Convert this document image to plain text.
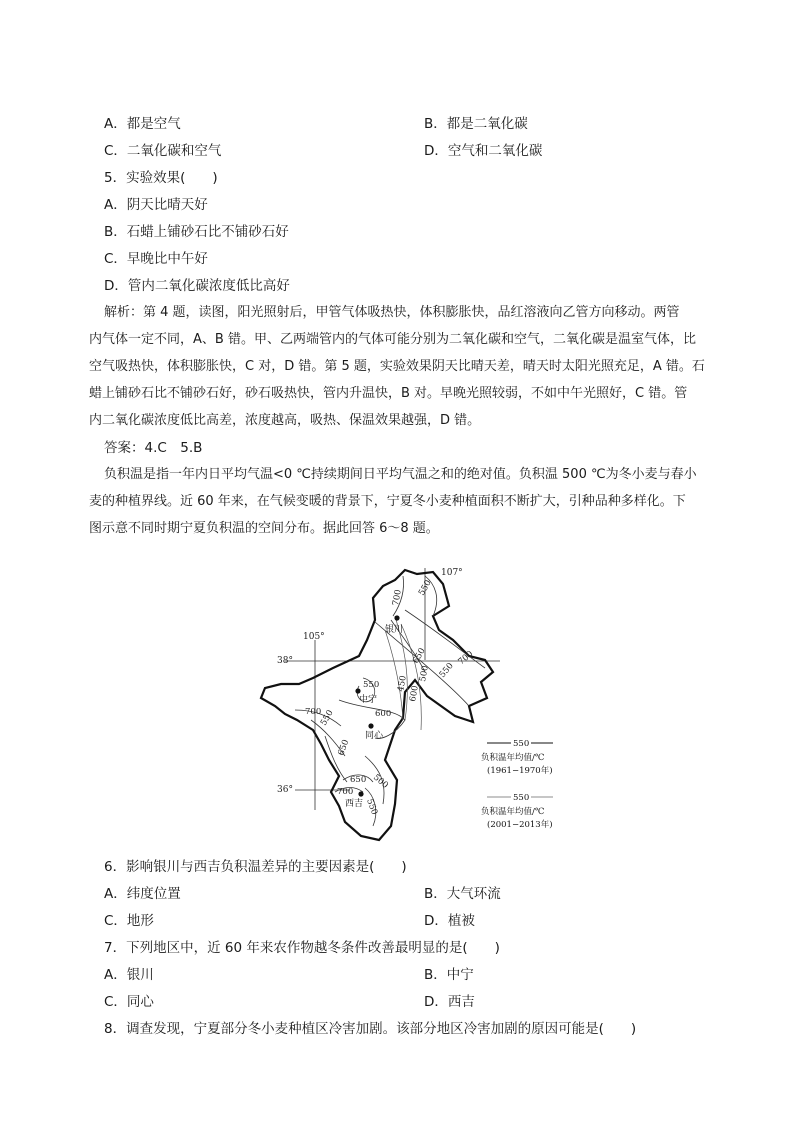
A．都是空气	B．都是二氧化碳
C．二氧化碳和空气	D．空气和二氧化碳
5．实验效果(　　)
A．阴天比晴天好
B．石蜡上铺砂石比不铺砂石好
C．早晚比中午好
D．管内二氧化碳浓度低比高好
解析：第 4 题，读图，阳光照射后，甲管气体吸热快，体积膨胀快，品红溶液向乙管方向移动。两管
内气体一定不同，A、B 错。甲、乙两端管内的气体可能分别为二氧化碳和空气，二氧化碳是温室气体，比
空气吸热快，体积膨胀快，C 对，D 错。第 5 题，实验效果阴天比晴天差，晴天时太阳光照充足，A 错。石
蜡上铺砂石比不铺砂石好，砂石吸热快，管内升温快，B 对。早晚光照较弱，不如中午光照好，C 错。管
内二氧化碳浓度低比高差，浓度越高，吸热、保温效果越强，D 错。
答案：4.C　5.B
负积温是指一年内日平均气温<0 ℃持续期间日平均气温之和的绝对值。负积温 500 ℃为冬小麦与春小
麦的种植界线。近 60 年来，在气候变暖的背景下，宁夏冬小麦种植面积不断扩大，引种品种多样化。下
图示意不同时期宁夏负积温的空间分布。据此回答 6～8 题。
107°
105°
38°
36°
700
550
650
550
700
450
500
600
550
600
700
550
650
650 500
700
550
银川
中宁
同心
西吉
550
负积温年均值/℃
(1961−1970年)
550
负积温年均值/℃
(2001−2013年)
6．影响银川与西吉负积温差异的主要因素是(　　)
A．纬度位置	B．大气环流
C．地形	D．植被
7．下列地区中，近 60 年来农作物越冬条件改善最明显的是(　　)
A．银川	B．中宁
C．同心	D．西吉
8．调查发现，宁夏部分冬小麦种植区冷害加剧。该部分地区冷害加剧的原因可能是(　　)
